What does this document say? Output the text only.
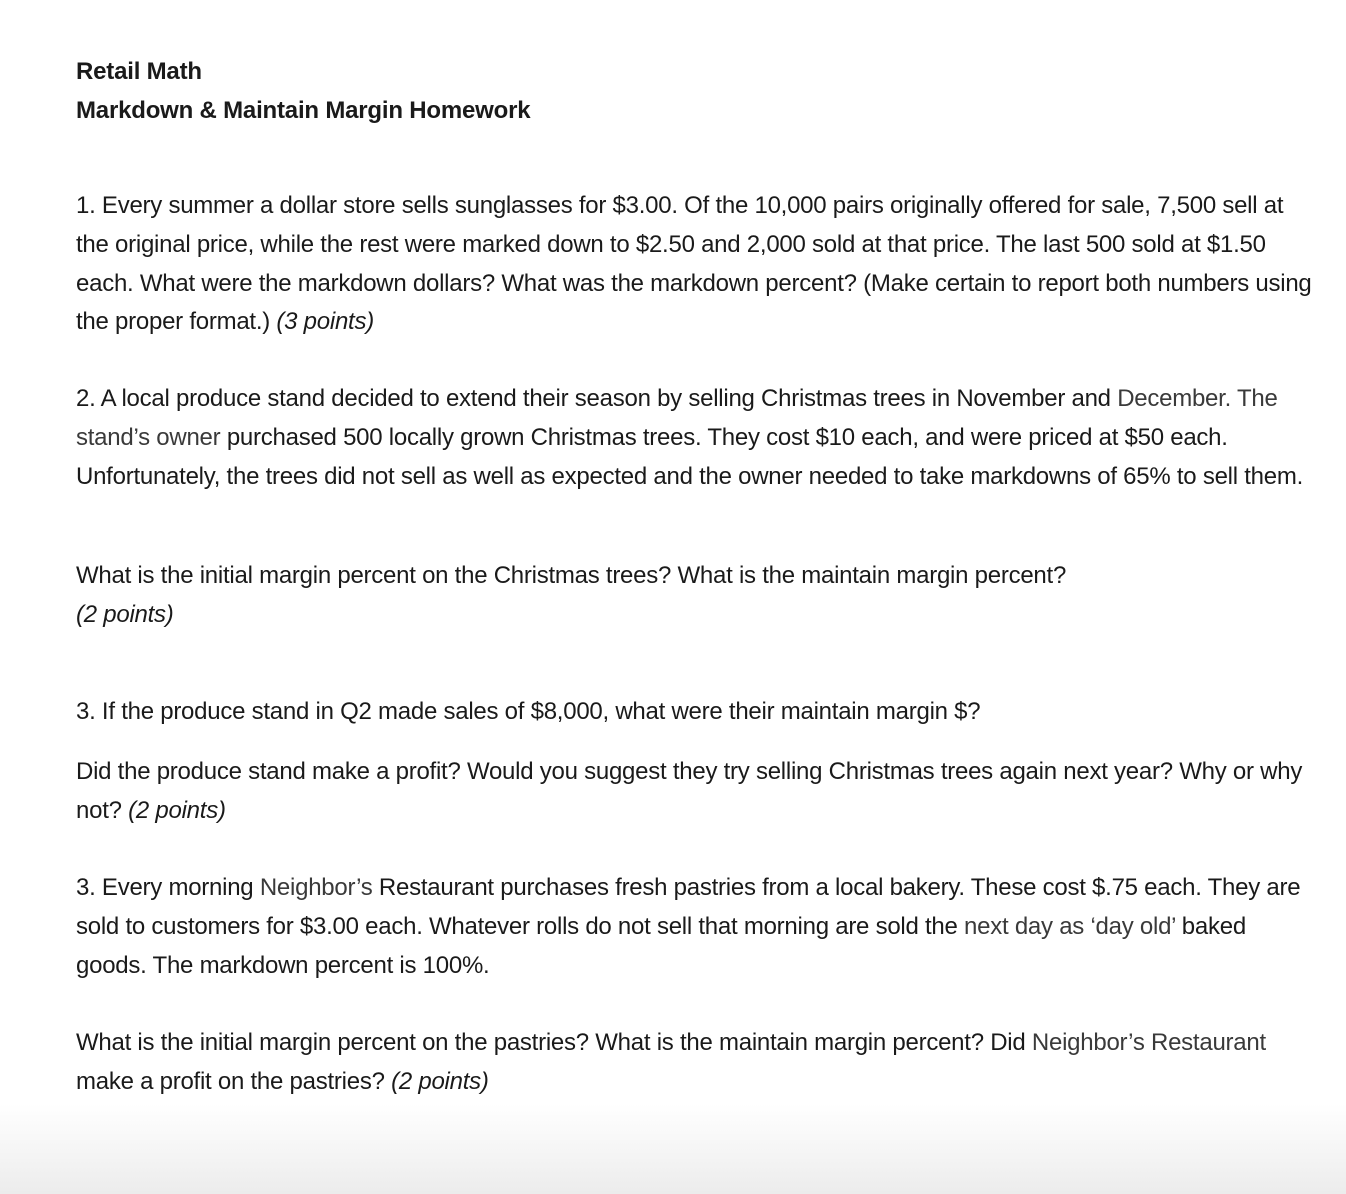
Retail Math
Markdown & Maintain Margin Homework
1. Every summer a dollar store sells sunglasses for $3.00. Of the 10,000 pairs originally offered for sale, 7,500 sell at the original price, while the rest were marked down to $2.50 and 2,000 sold at that price. The last 500 sold at $1.50 each. What were the markdown dollars? What was the markdown percent? (Make certain to report both numbers using the proper format.) (3 points)
2. A local produce stand decided to extend their season by selling Christmas trees in November and December. The stand’s owner purchased 500 locally grown Christmas trees. They cost $10 each, and were priced at $50 each. Unfortunately, the trees did not sell as well as expected and the owner needed to take markdowns of 65% to sell them.
What is the initial margin percent on the Christmas trees? What is the maintain margin percent?
(2 points)
3. If the produce stand in Q2 made sales of $8,000, what were their maintain margin $?
Did the produce stand make a profit? Would you suggest they try selling Christmas trees again next year? Why or why not? (2 points)
3. Every morning Neighbor’s Restaurant purchases fresh pastries from a local bakery. These cost $.75 each. They are sold to customers for $3.00 each. Whatever rolls do not sell that morning are sold the next day as ‘day old’ baked goods. The markdown percent is 100%.
What is the initial margin percent on the pastries? What is the maintain margin percent? Did Neighbor’s Restaurant make a profit on the pastries? (2 points)
